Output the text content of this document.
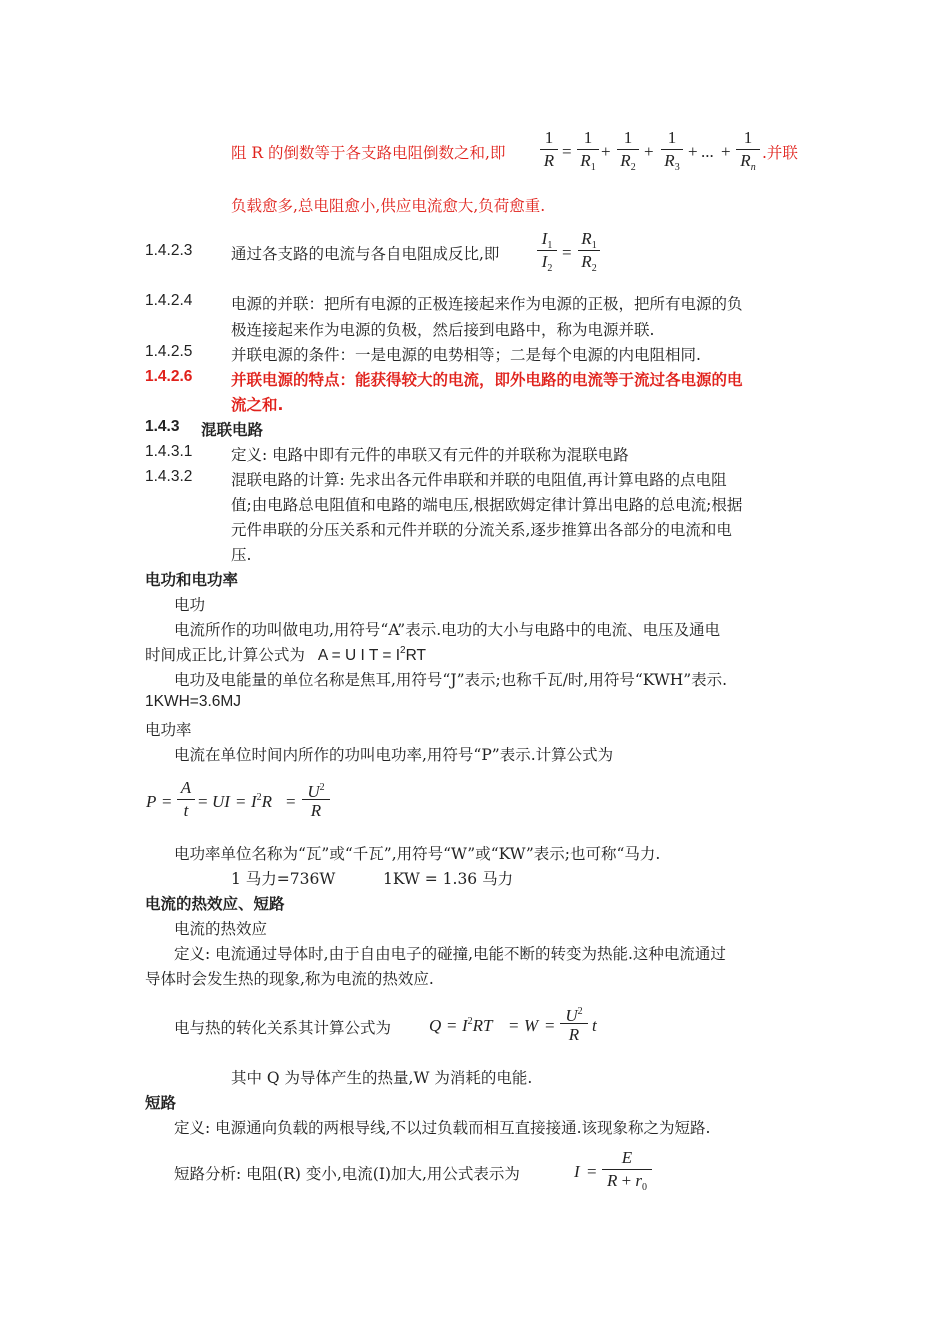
阻 R 的倒数等于各支路电阻倒数之和,即
1
R =
1
$R_1$
+
1
$R_2$
+
1
$R_3$
+ ... +
1
$R_n$
.并联
负载愈多,总电阻愈小,供应电流愈大,负荷愈重.
1.4.2.3 通过各支路的电流与各自电阻成反比,即
$I_1$
$I_2$
=
$R_1$
$R_2$
1.4.2.4 电源的并联：把所有电源的正极连接起来作为电源的正极，把所有电源的负
极连接起来作为电源的负极，然后接到电路中，称为电源并联.
1.4.2.5 并联电源的条件：一是电源的电势相等；二是每个电源的内电阻相同.
1.4.2.6 并联电源的特点：能获得较大的电流，即外电路的电流等于流过各电源的电
流之和.
1.4.3 混联电路
1.4.3.1 定义: 电路中即有元件的串联又有元件的并联称为混联电路
1.4.3.2 混联电路的计算: 先求出各元件串联和并联的电阻值,再计算电路的点电阻
值;由电路总电阻值和电路的端电压,根据欧姆定律计算出电路的总电流;根据
元件串联的分压关系和元件并联的分流关系,逐步推算出各部分的电流和电
压.
电功和电功率
电功
电流所作的功叫做电功,用符号“A”表示.电功的大小与电路中的电流、电压及通电
时间成正比,计算公式为 A = U I $T = I^2RT$
电功及电能量的单位名称是焦耳,用符号“J”表示;也称千瓦/时,用符号“KWH”表示.
1KWH=3.6MJ
电功率
电流在单位时间内所作的功叫电功率,用符号“P”表示.计算公式为
P =
A
t = UI = $I^2R$ =
$U^2$
R
电功率单位名称为“瓦”或“千瓦”,用符号“W”或“KW”表示;也可称“马力.
1 马力=736W	1KW = 1.36 马力
电流的热效应、短路
电流的热效应
定义: 电流通过导体时,由于自由电子的碰撞,电能不断的转变为热能.这种电流通过
导体时会发生热的现象,称为电流的热效应.
电与热的转化关系其计算公式为 $Q = I^2RT = W$ =
$U^2$
R t
其中 Q 为导体产生的热量,W 为消耗的电能.
短路
定义: 电源通向负载的两根导线,不以过负载而相互直接接通.该现象称之为短路.
短路分析: 电阻(R) 变小,电流(I)加大,用公式表示为	I =
E
$R + r_0$
